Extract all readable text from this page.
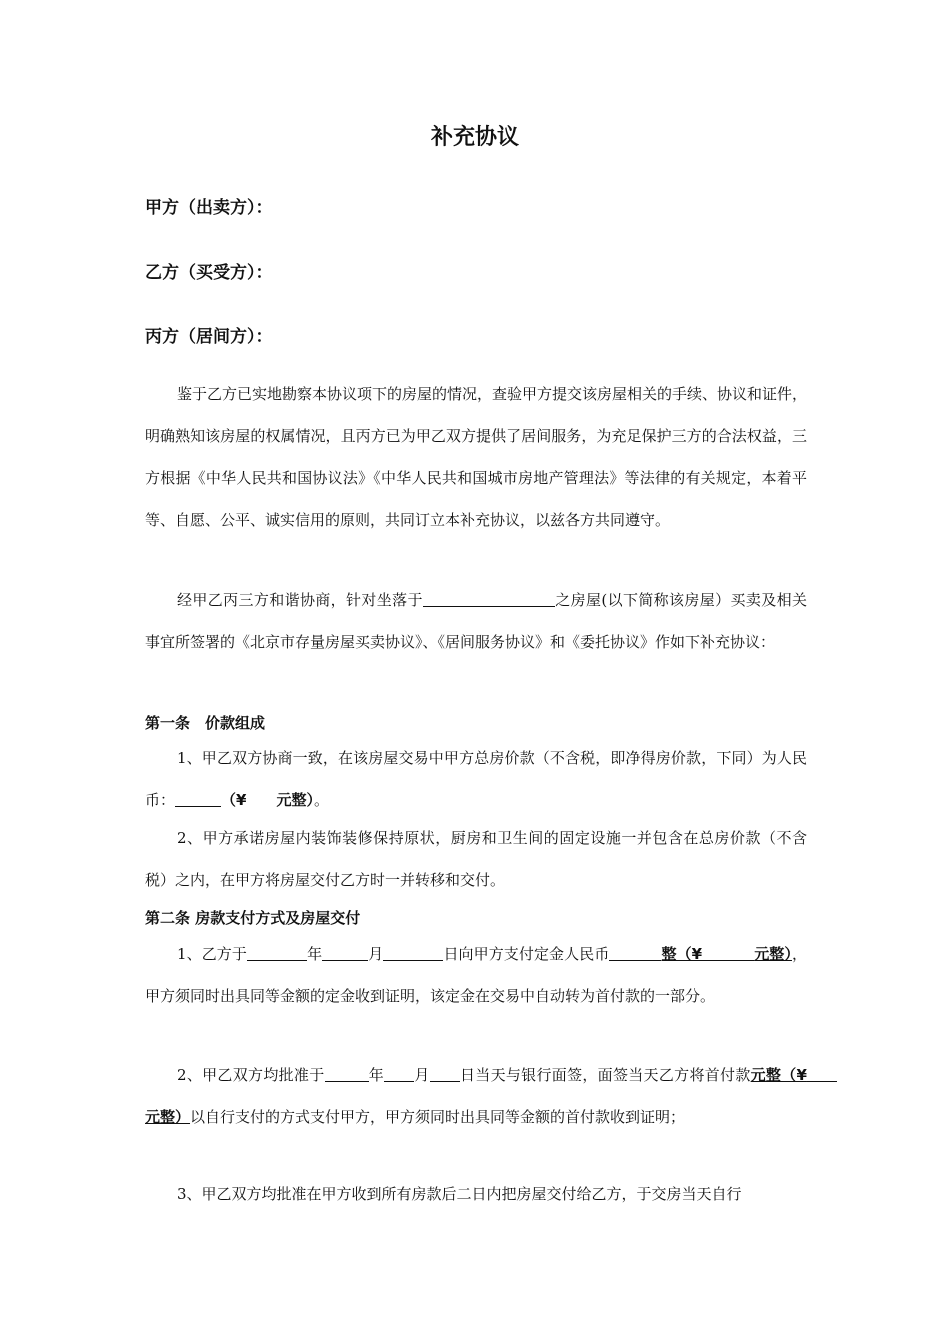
补充协议
甲方（出卖方）：
乙方（买受方）：
丙方（居间方）：

鉴于乙方已实地勘察本协议项下的房屋的情况，查验甲方提交该房屋相关的手续、协议和证件，明确熟知该房屋的权属情况，且丙方已为甲乙双方提供了居间服务，为充足保护三方的合法权益，三方根据《中华人民共和国协议法》《中华人民共和国城市房地产管理法》等法律的有关规定，本着平等、自愿、公平、诚实信用的原则，共同订立本补充协议，以兹各方共同遵守。

经甲乙丙三方和谐协商，针对坐落于	之房屋(以下简称该房屋）买卖及相关事宜所签署的《北京市存量房屋买卖协议》、《居间服务协议》和《委托协议》作如下补充协议：

第一条　价款组成

1、甲乙双方协商一致，在该房屋交易中甲方总房价款（不含税，即净得房价款，下同）为人民币：	（¥　　元整）。

2、甲方承诺房屋内装饰装修保持原状，厨房和卫生间的固定设施一并包含在总房价款（不含税）之内，在甲方将房屋交付乙方时一并转移和交付。

第二条 房款支付方式及房屋交付

1、乙方于	年	月	日向甲方支付定金人民币	整（¥	元整），甲方须同时出具同等金额的定金收到证明，该定金在交易中自动转为首付款的一部分。

2、甲乙双方均批准于	年 月 日当天与银行面签，面签当天乙方将首付款元整（¥　　元整）以自行支付的方式支付甲方，甲方须同时出具同等金额的首付款收到证明；

3、甲乙双方均批准在甲方收到所有房款后二日内把房屋交付给乙方，于交房当天自行
